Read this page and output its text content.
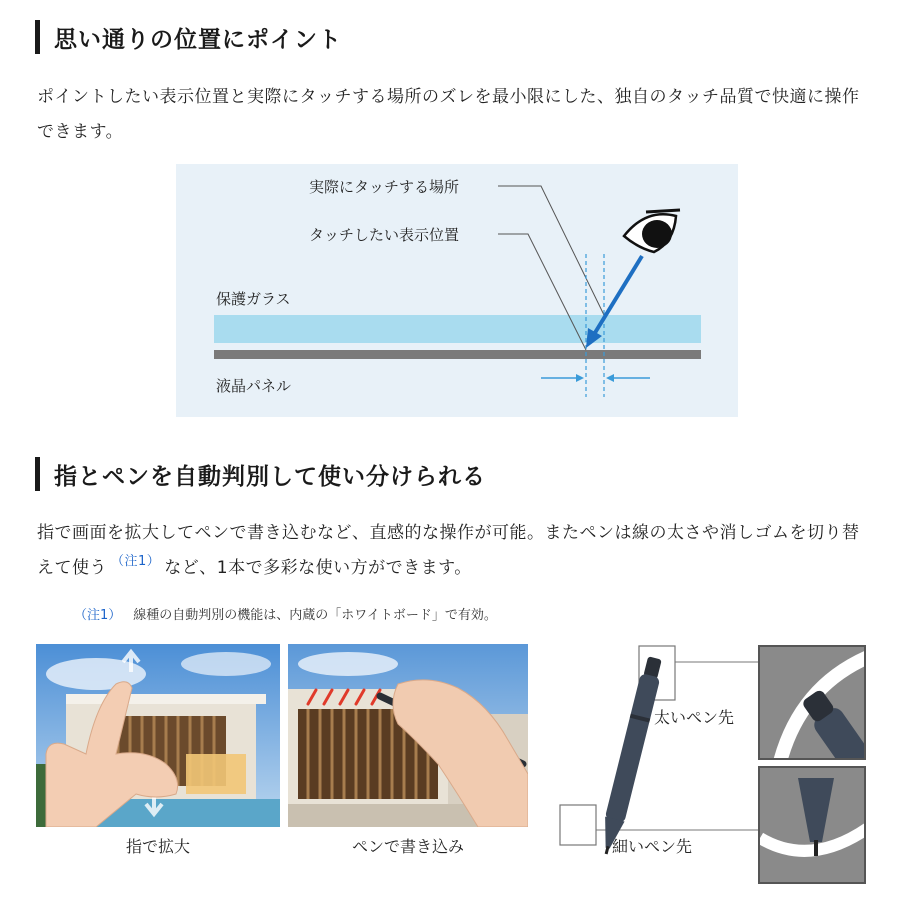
思い通りの位置にポイント

ポイントしたい表示位置と実際にタッチする場所のズレを最小限にした、独自のタッチ品質で快適に操作できます。

実際にタッチする場所
タッチしたい表示位置
保護ガラス
液晶パネル
指とペンを自動判別して使い分けられる

指で画面を拡大してペンで書き込むなど、直感的な操作が可能。またペンは線の太さや消しゴムを切り替えて使う $^{(注1)}$ など、1本で多彩な使い方ができます。

（注1） 線種の自動判別の機能は、内蔵の「ホワイトボード」で有効。
指で拡大	ペンで書き込み
太いペン先
細いペン先
